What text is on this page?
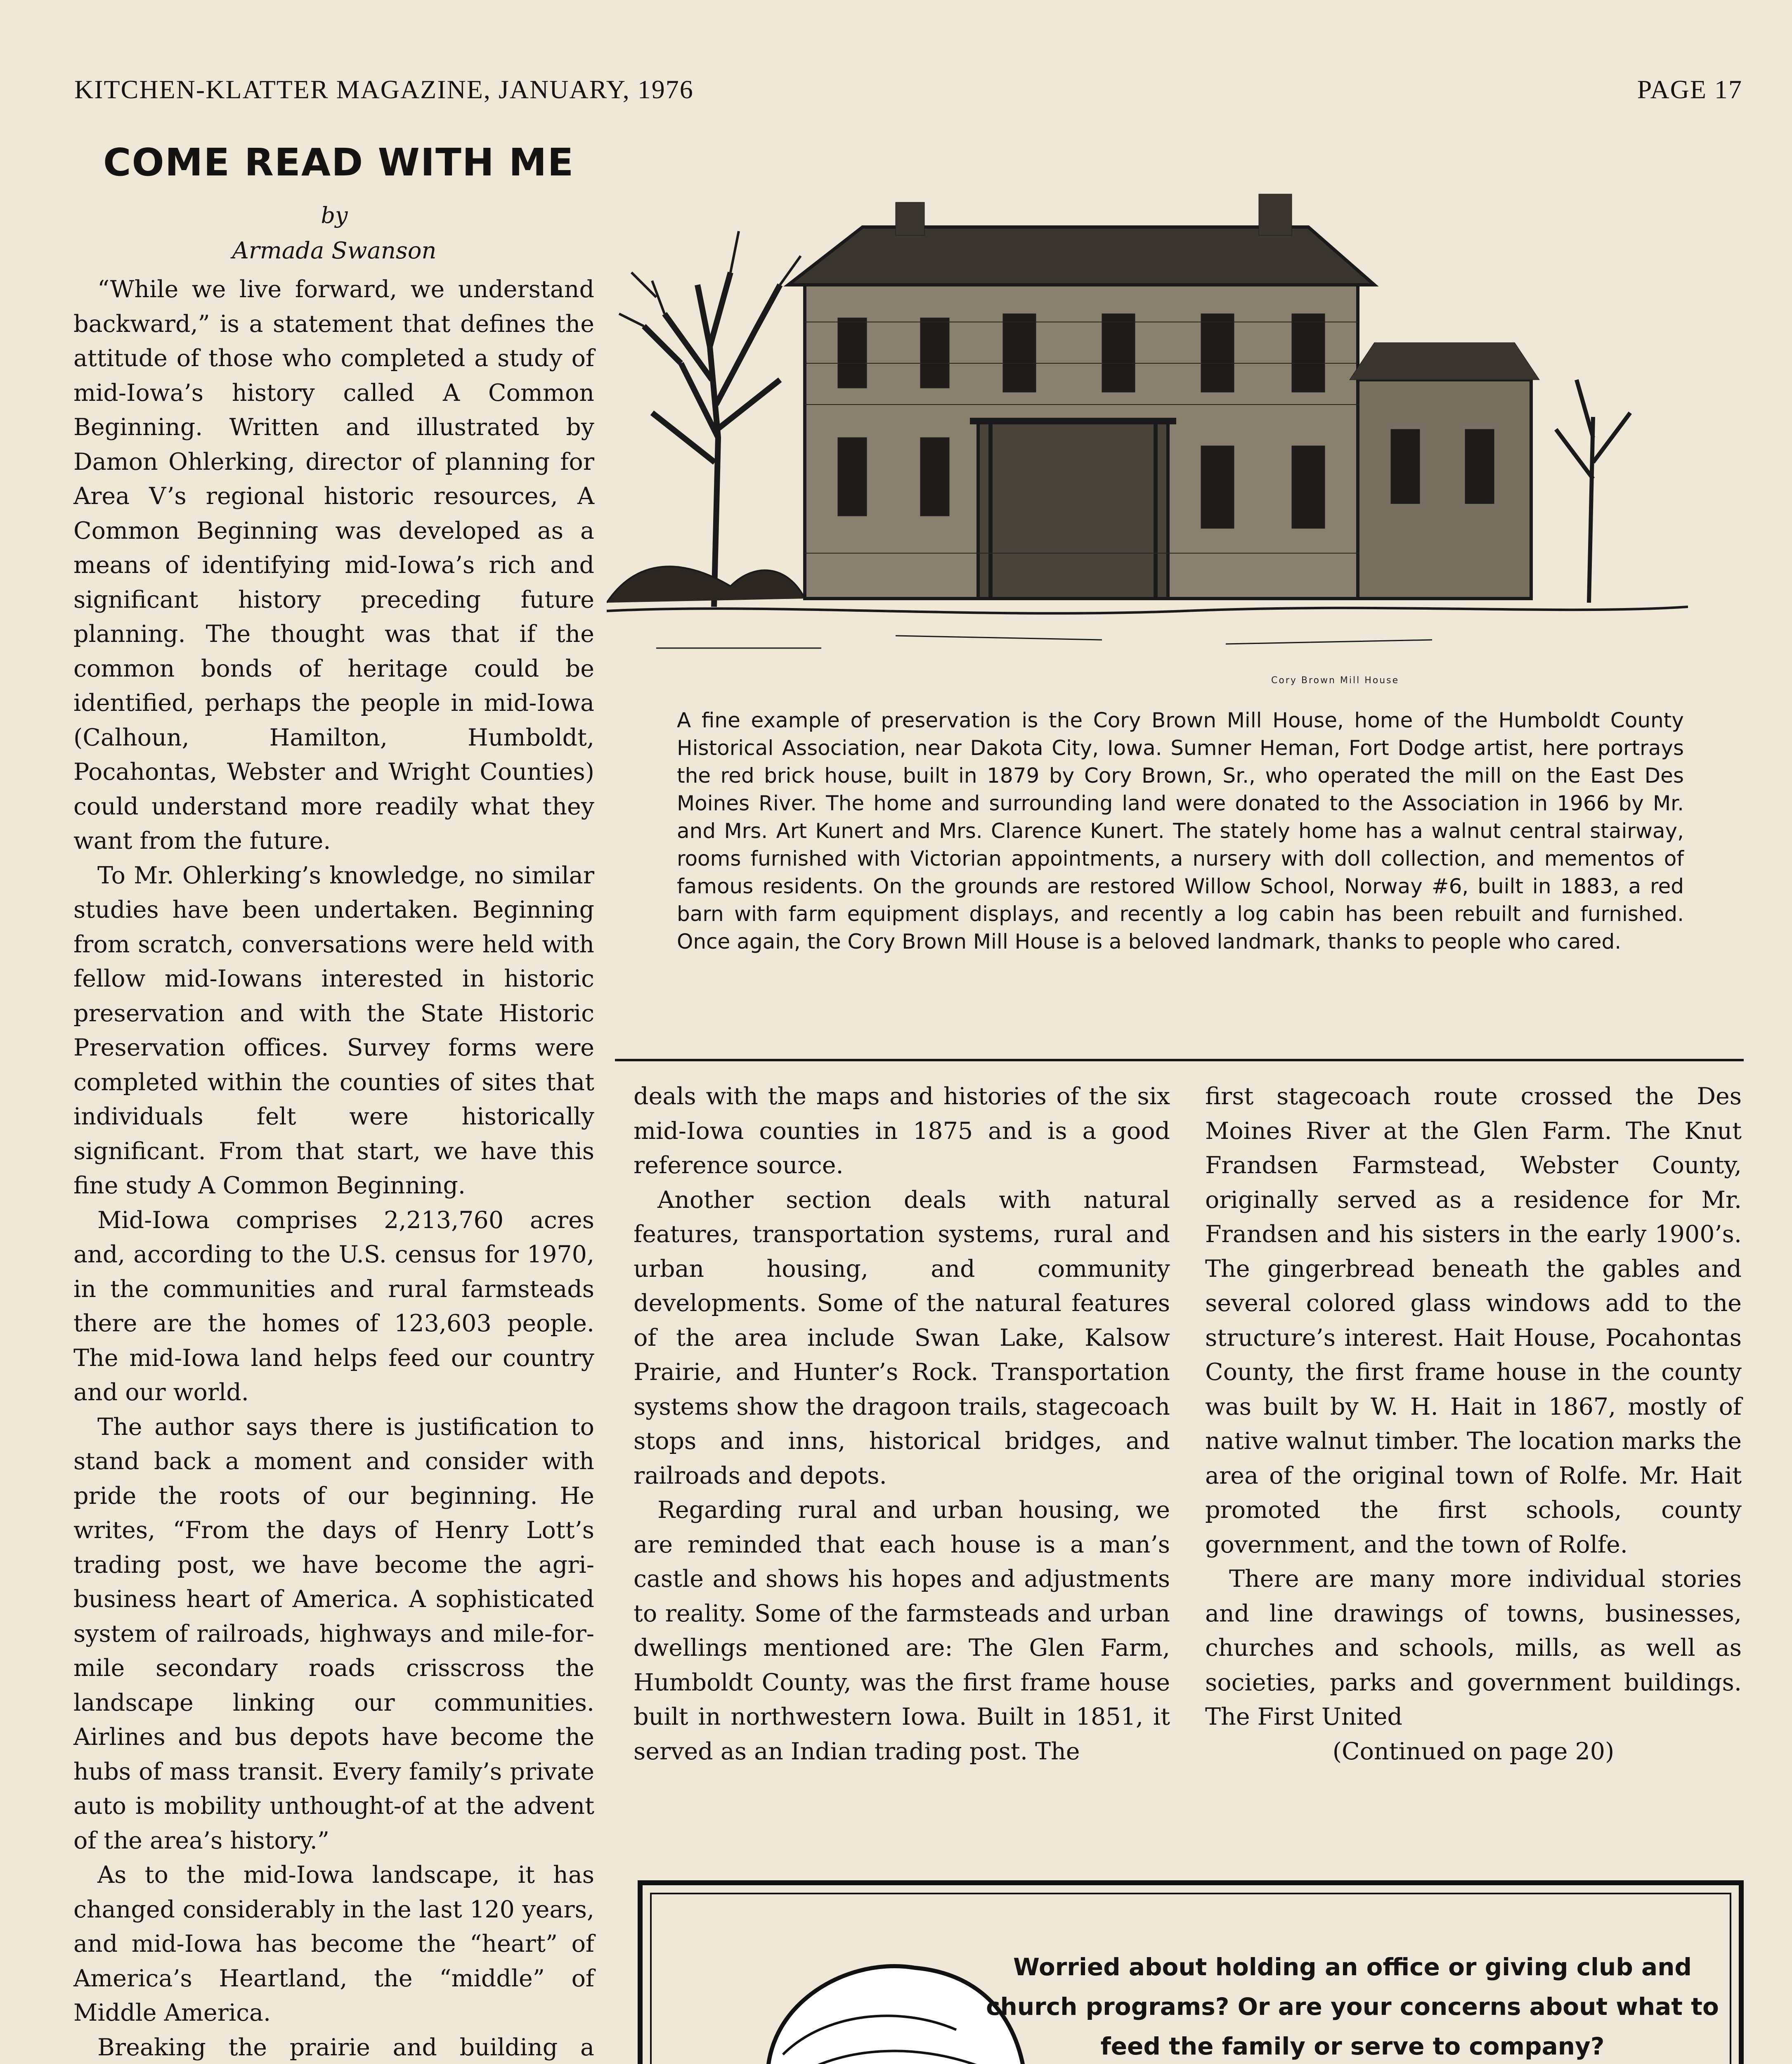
KITCHEN-KLATTER MAGAZINE, JANUARY, 1976	PAGE 17
COME READ WITH ME
by
Armada Swanson

“While we live forward, we understand backward,” is a statement that defines the attitude of those who completed a study of mid-Iowa’s history called A Common Beginning. Written and illustrated by Damon Ohlerking, director of planning for Area V’s regional historic resources, A Common Beginning was developed as a means of identifying mid-Iowa’s rich and significant history preceding future planning. The thought was that if the common bonds of heritage could be identified, perhaps the people in mid-Iowa (Calhoun, Hamilton, Humboldt, Pocahontas, Webster and Wright Counties) could understand more readily what they want from the future.

To Mr. Ohlerking’s knowledge, no similar studies have been undertaken. Beginning from scratch, conversations were held with fellow mid-Iowans interested in historic preservation and with the State Historic Preservation offices. Survey forms were completed within the counties of sites that individuals felt were historically significant. From that start, we have this fine study A Common Beginning.

Mid-Iowa comprises 2,213,760 acres and, according to the U.S. census for 1970, in the communities and rural farmsteads there are the homes of 123,603 people. The mid-Iowa land helps feed our country and our world.

The author says there is justification to stand back a moment and consider with pride the roots of our beginning. He writes, “From the days of Henry Lott’s trading post, we have become the agri-business heart of America. A sophisticated system of railroads, highways and mile-for-mile secondary roads crisscross the landscape linking our communities. Airlines and bus depots have become the hubs of mass transit. Every family’s private auto is mobility unthought-of at the advent of the area’s history.”

As to the mid-Iowa landscape, it has changed considerably in the last 120 years, and mid-Iowa has become the “heart” of America’s Heartland, the “middle” of Middle America.

Breaking the prairie and building a

Cory Brown Mill House
A fine example of preservation is the Cory Brown Mill House, home of the Humboldt County Historical Association, near Dakota City, Iowa. Sumner Heman, Fort Dodge artist, here portrays the red brick house, built in 1879 by Cory Brown, Sr., who operated the mill on the East Des Moines River. The home and surrounding land were donated to the Association in 1966 by Mr. and Mrs. Art Kunert and Mrs. Clarence Kunert. The stately home has a walnut central stairway, rooms furnished with Victorian appointments, a nursery with doll collection, and mementos of famous residents. On the grounds are restored Willow School, Norway #6, built in 1883, a red barn with farm equipment displays, and recently a log cabin has been rebuilt and furnished. Once again, the Cory Brown Mill House is a beloved landmark, thanks to people who cared.

deals with the maps and histories of the six mid-Iowa counties in 1875 and is a good reference source.

Another section deals with natural features, transportation systems, rural and urban housing, and community developments. Some of the natural features of the area include Swan Lake, Kalsow Prairie, and Hunter’s Rock. Transportation systems show the dragoon trails, stagecoach stops and inns, historical bridges, and railroads and depots.

Regarding rural and urban housing, we are reminded that each house is a man’s castle and shows his hopes and adjustments to reality. Some of the farmsteads and urban dwellings mentioned are: The Glen Farm, Humboldt County, was the first frame house built in northwestern Iowa. Built in 1851, it served as an Indian trading post. The

first stagecoach route crossed the Des Moines River at the Glen Farm. The Knut Frandsen Farmstead, Webster County, originally served as a residence for Mr. Frandsen and his sisters in the early 1900’s. The gingerbread beneath the gables and several colored glass windows add to the structure’s interest. Hait House, Pocahontas County, the first frame house in the county was built by W. H. Hait in 1867, mostly of native walnut timber. The location marks the area of the original town of Rolfe. Mr. Hait promoted the first schools, county government, and the town of Rolfe.

There are many more individual stories and line drawings of towns, businesses, churches and schools, mills, as well as societies, parks and government buildings. The First United

(Continued on page 20)

Worried about holding an office or giving club and church programs? Or are your concerns about what to feed the family or serve to company?
